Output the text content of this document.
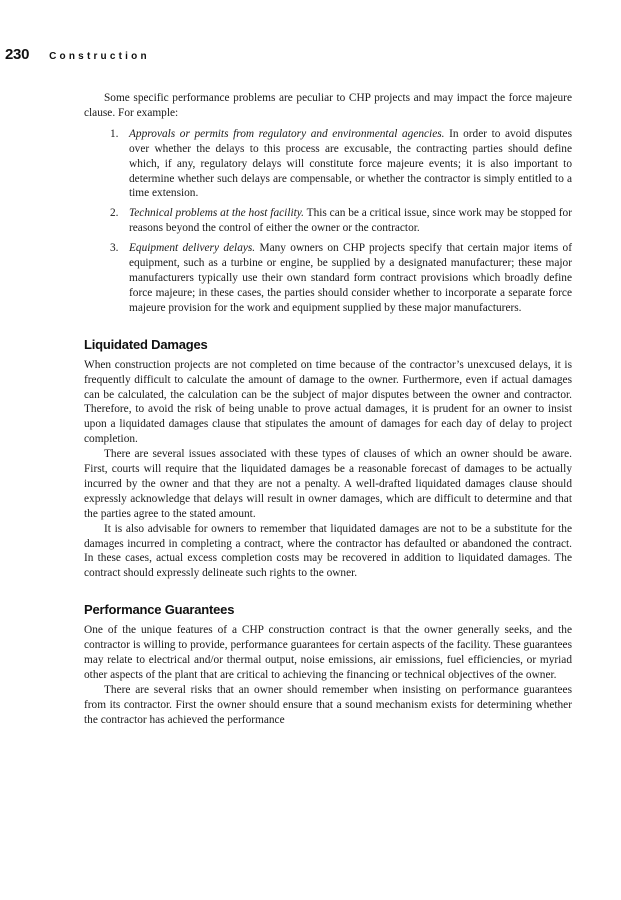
230 Construction

Some specific performance problems are peculiar to CHP projects and may impact the force majeure clause. For example:

1. Approvals or permits from regulatory and environmental agencies. In order to avoid disputes over whether the delays to this process are excusable, the contracting parties should define which, if any, regulatory delays will constitute force majeure events; it is also important to determine whether such delays are compensable, or whether the contractor is simply entitled to a time extension.
2. Technical problems at the host facility. This can be a critical issue, since work may be stopped for reasons beyond the control of either the owner or the contractor.
3. Equipment delivery delays. Many owners on CHP projects specify that certain major items of equipment, such as a turbine or engine, be supplied by a designated manufacturer; these major manufacturers typically use their own standard form contract provisions which broadly define force majeure; in these cases, the parties should consider whether to incorporate a separate force majeure provision for the work and equipment supplied by these major manufacturers.
Liquidated Damages

When construction projects are not completed on time because of the contractor’s unexcused delays, it is frequently difficult to calculate the amount of damage to the owner. Furthermore, even if actual damages can be calculated, the calculation can be the subject of major disputes between the owner and contractor. Therefore, to avoid the risk of being unable to prove actual damages, it is prudent for an owner to insist upon a liquidated damages clause that stipulates the amount of damages for each day of delay to project completion.

There are several issues associated with these types of clauses of which an owner should be aware. First, courts will require that the liquidated damages be a reasonable forecast of damages to be actually incurred by the owner and that they are not a penalty. A well-drafted liquidated damages clause should expressly acknowledge that delays will result in owner damages, which are difficult to determine and that the parties agree to the stated amount.

It is also advisable for owners to remember that liquidated damages are not to be a substitute for the damages incurred in completing a contract, where the contractor has defaulted or abandoned the contract. In these cases, actual excess completion costs may be recovered in addition to liquidated damages. The contract should expressly delineate such rights to the owner.

Performance Guarantees

One of the unique features of a CHP construction contract is that the owner generally seeks, and the contractor is willing to provide, performance guarantees for certain aspects of the facility. These guarantees may relate to electrical and/or thermal output, noise emissions, air emissions, fuel efficiencies, or myriad other aspects of the plant that are critical to achieving the financing or technical objectives of the owner.

There are several risks that an owner should remember when insisting on performance guarantees from its contractor. First the owner should ensure that a sound mechanism exists for determining whether the contractor has achieved the performance
